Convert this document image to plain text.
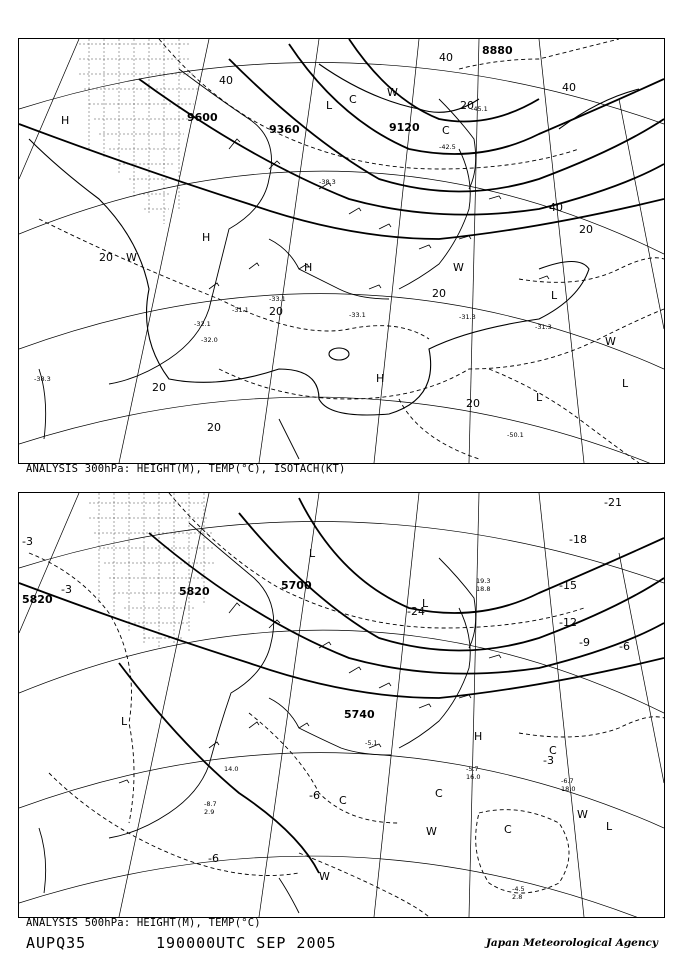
9600
9360	9120
8880
40
20
20
20
20
20
20
20
40
40
40
20
H
H
H
H
L
L
C
C
W
W
W
W
L
L
-50.1
-31.3
-32.1
-31.1
-33.1
-33.1	-31.3
-38.3
-42.5
-45.1
-38.3
-32.0
ANALYSIS 300hPa: HEIGHT(M), TEMP(°C), ISOTACH(KT)
5820
5820	5700
5740
-3
-3
-21
-18
-15
-12
-9	-6
-24
-6
-3
-6
L
L
L
C
C
C
C
H
W
W
W
L
-5.7
16.0	-6.7
18.0
-4.5
2.8
-8.7
2.9
-5.1
19.3
18.8
14.0
ANALYSIS 500hPa: HEIGHT(M), TEMP(°C)
AUPQ35	190000UTC SEP 2005	Japan Meteorological Agency
